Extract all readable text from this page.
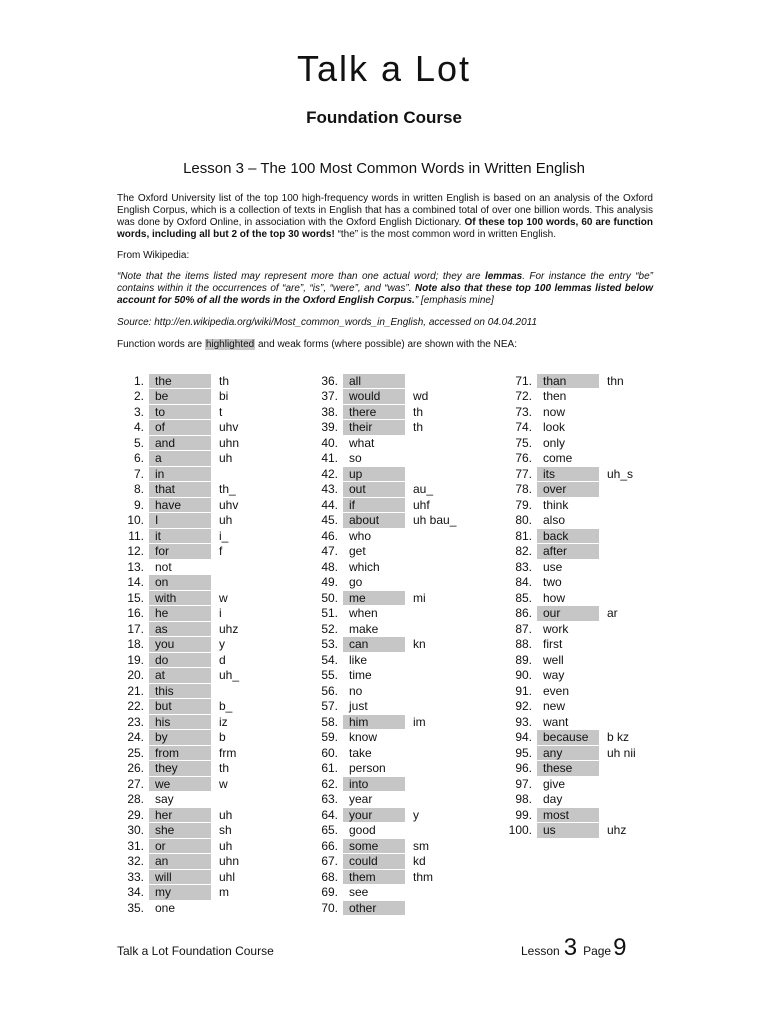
Talk a Lot
Foundation Course
Lesson 3 – The 100 Most Common Words in Written English

The Oxford University list of the top 100 high-frequency words in written English is based on an analysis of the Oxford English Corpus, which is a collection of texts in English that has a combined total of over one billion words. This analysis was done by Oxford Online, in association with the Oxford English Dictionary. Of these top 100 words, 60 are function words, including all but 2 of the top 30 words! “the” is the most common word in written English.

From Wikipedia:

“Note that the items listed may represent more than one actual word; they are lemmas. For instance the entry “be” contains within it the occurrences of “are”, “is”, “were”, and “was”. Note also that these top 100 lemmas listed below account for 50% of all the words in the Oxford English Corpus.” [emphasis mine]

Source: http://en.wikipedia.org/wiki/Most_common_words_in_English, accessed on 04.04.2011
Function words are highlighted and weak forms (where possible) are shown with the NEA:
1. the	th
2. be	bi
3. to	t
4. of	uhv
5. and	uhn
6. a	uh
7. in
8. that	th_
9. have	uhv
10. I	uh
11. it	i_
12. for	f
13. not
14. on
15. with	w
16. he	i
17. as	uhz
18. you	y
19. do	d
20. at	uh_
21. this
22. but	b_
23. his	iz
24. by	b
25. from	frm
26. they	th
27. we	w
28. say
29. her	uh
30. she	sh
31. or	uh
32. an	uhn
33. will	uhl
34. my	m
35. one
36. all
37. would	wd
38. there	th
39. their	th
40. what
41. so
42. up
43. out	au_
44. if	uhf
45. about	uh bau_
46. who
47. get
48. which
49. go
50. me	mi
51. when
52. make
53. can	kn
54. like
55. time
56. no
57. just
58. him	im
59. know
60. take
61. person
62. into
63. year
64. your	y
65. good
66. some	sm
67. could	kd
68. them	thm
69. see
70. other
71. than	thn
72. then
73. now
74. look
75. only
76. come
77. its	uh_s
78. over
79. think
80. also
81. back
82. after
83. use
84. two
85. how
86. our	ar
87. work
88. first
89. well
90. way
91. even
92. new
93. want
94. because	b kz
95. any	uh nii
96. these
97. give
98. day
99. most
100. us	uhz
Talk a Lot Foundation Course	Lesson 3 Page 9
